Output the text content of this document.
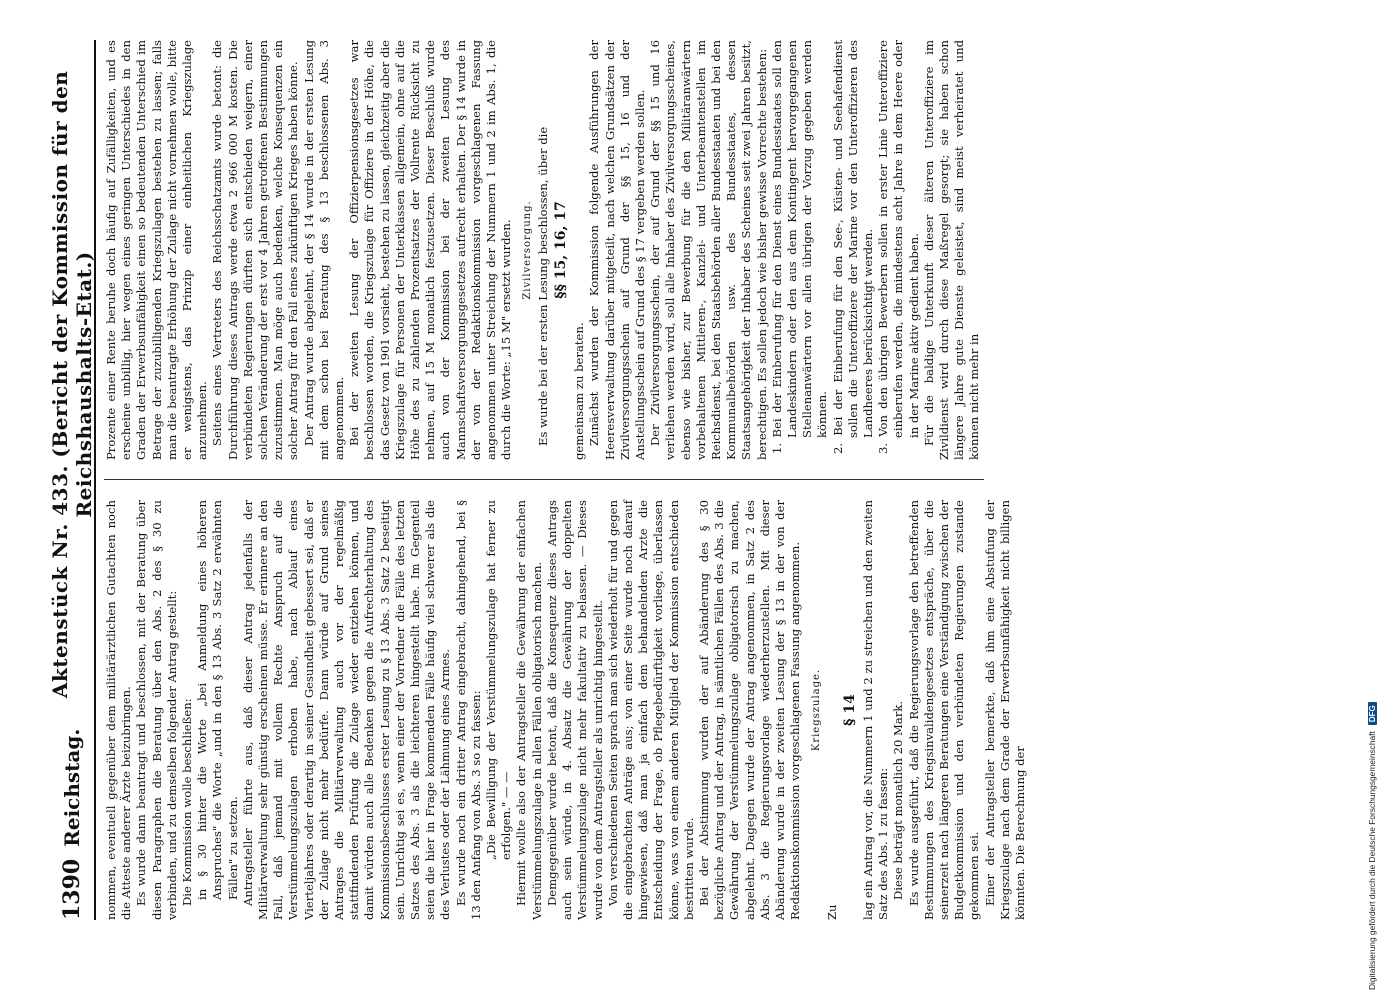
1390
Reichstag.
Aktenstück Nr. 433. (Bericht der Kommission für den Reichshaushalts-Etat.)

nommen, eventuell gegenüber dem militärärztlichen Gutachten noch die Atteste anderer Ärzte beizubringen. Es wurde dann beantragt und beschlossen, mit der Beratung über diesen Paragraphen die Beratung über den Abs. 2 des § 30 zu verbinden, und zu demselben folgender Antrag gestellt: Die Kommission wolle beschließen: in § 30 hinter die Worte „bei Anmeldung eines höheren Anspruches" die Worte „und in den § 13 Abs. 3 Satz 2 erwähnten Fällen" zu setzen. Antragsteller führte aus, daß dieser Antrag jedenfalls der Militärverwaltung sehr günstig erscheinen müsse. Er erinnere an den Fall, daß jemand mit vollem Rechte Anspruch auf die Verstümmelungszulagen erhoben habe, nach Ablauf eines Vierteljahres oder derartig in seiner Gesundheit gebessert sei, daß er der Zulage nicht mehr bedürfe. Dann würde auf Grund seines Antrages die Militärverwaltung auch vor der regelmäßig stattfindenden Prüfung die Zulage wieder entziehen können, und damit würden auch alle Bedenken gegen die Aufrechterhaltung des Kommissionsbeschlusses erster Lesung zu § 13 Abs. 3 Satz 2 beseitigt sein. Unrichtig sei es, wenn einer der Vorredner die Fälle des letzten Satzes des Abs. 3 als die leichteren hingestellt habe. Im Gegenteil seien die hier in Frage kommenden Fälle häufig viel schwerer als die des Verlustes oder der Lähmung eines Armes. Es wurde noch ein dritter Antrag eingebracht, dahingehend, bei § 13 den Anfang von Abs. 3 so zu fassen: „Die Bewilligung der Verstümmelungszulage hat ferner zu erfolgen." — — Hiermit wollte also der Antragsteller die Gewährung der einfachen Verstümmelungszulage in allen Fällen obligatorisch machen. Demgegenüber wurde betont, daß die Konsequenz dieses Antrags auch sein würde, in 4. Absatz die Gewährung der doppelten Verstümmelungszulage nicht mehr fakultativ zu belassen. — Dieses wurde von dem Antragsteller als unrichtig hingestellt. Von verschiedenen Seiten sprach man sich wiederholt für und gegen die eingebrachten Anträge aus; von einer Seite wurde noch darauf hingewiesen, daß man ja einfach dem behandelnden Arzte die Entscheidung der Frage, ob Pflegebedürftigkeit vorliege, überlassen könne, was von einem anderen Mitglied der Kommission entschieden bestritten wurde. Bei der Abstimmung wurden der auf Abänderung des § 30 bezügliche Antrag und der Antrag, in sämtlichen Fällen des Abs. 3 die Gewährung der Verstümmelungszulage obligatorisch zu machen, abgelehnt. Dagegen wurde der Antrag angenommen, in Satz 2 des Abs. 3 die Regierungsvorlage wiederherzustellen. Mit dieser Abänderung wurde in der zweiten Lesung der § 13 in der von der Redaktionskommission vorgeschlagenen Fassung angenommen. Kriegszulage.

Zu

§ 14 lag ein Antrag vor, die Nummern 1 und 2 zu streichen und den zweiten Satz des Abs. 1 zu fassen: Diese beträgt monatlich 20 Mark. Es wurde ausgeführt, daß die Regierungsvorlage den betreffenden Bestimmungen des Kriegsinvalidengesetzes entspräche, über die seinerzeit nach längeren Beratungen eine Verständigung zwischen der Budgetkommission und den verbündeten Regierungen zustande gekommen sei. Einer der Antragsteller bemerkte, daß ihm eine Abstufung der Kriegszulage nach dem Grade der Erwerbsunfähigkeit nicht billigen könnten. Die Berechnung der

Prozente einer Rente beruhe doch häufig auf Zufälligkeiten, und es erscheine unbillig, hier wegen eines geringen Unterschiedes in den Graden der Erwerbsunfähigkeit einen so bedeutenden Unterschied im Betrage der zuzubilligenden Kriegszulagen bestehen zu lassen; falls man die beantragte Erhöhung der Zulage nicht vornehmen wolle, bitte er wenigstens, das Prinzip einer einheitlichen Kriegszulage anzunehmen. Seitens eines Vertreters des Reichsschatzamts wurde betont: die Durchführung dieses Antrags werde etwa 2 966 000 M kosten. Die verbündeten Regierungen dürften sich entschieden weigern, einer solchen Veränderung der erst vor 4 Jahren getroffenen Bestimmungen zuzustimmen. Man möge auch bedenken, welche Konsequenzen ein solcher Antrag für den Fall eines zukünftigen Krieges haben könne. Der Antrag wurde abgelehnt, der § 14 wurde in der ersten Lesung mit dem schon bei Beratung des § 13 beschlossenen Abs. 3 angenommen. Bei der zweiten Lesung der Offizierpensionsgesetzes war beschlossen worden, die Kriegszulage für Offiziere in der Höhe, die das Gesetz von 1901 vorsieht, bestehen zu lassen, gleichzeitig aber die Kriegszulage für Personen der Unterklassen allgemein, ohne auf die Höhe des zu zahlenden Prozentsatzes der Vollrente Rücksicht zu nehmen, auf 15 M monatlich festzusetzen. Dieser Beschluß wurde auch von der Kommission bei der zweiten Lesung des Mannschaftsversorgungsgesetzes aufrecht erhalten. Der § 14 wurde in der von der Redaktionskommission vorgeschlagenen Fassung angenommen unter Streichung der Nummern 1 und 2 im Abs. 1, die durch die Worte: „15 M" ersetzt wurden. Zivilversorgung. Es wurde bei der ersten Lesung beschlossen, über die §§ 15, 16, 17

gemeinsam zu beraten. Zunächst wurden der Kommission folgende Ausführungen der Heeresverwaltung darüber mitgeteilt, nach welchen Grundsätzen der Zivilversorgungsschein auf Grund der §§ 15, 16 und der Anstellungsschein auf Grund des § 17 vergeben werden sollen. Der Zivilversorgungsschein, der auf Grund der §§ 15 und 16 verliehen werden wird, soll alle Inhaber des Zivilversorgungsscheines, ebenso wie bisher, zur Bewerbung für die den Militäranwärtern vorbehaltenen Mittleren-, Kanzlei- und Unterbeamtenstellen im Reichsdienst, bei den Staatsbehörden aller Bundesstaaten und bei den Kommunalbehörden usw. des Bundesstaates, dessen Staatsangehörigkeit der Inhaber des Scheines seit zwei Jahren besitzt, berechtigen. Es sollen jedoch wie bisher gewisse Vorrechte bestehen: 1. Bei der Einberufung für den Dienst eines Bundesstaates soll den Landeskindern oder den aus dem Kontingent hervorgegangenen Stellenanwärtern vor allen übrigen der Vorzug gegeben werden können. 2. Bei der Einberufung für den See-, Küsten- und Seehafendienst sollen die Unteroffiziere der Marine vor den Unteroffizieren des Landheeres berücksichtigt werden. 3. Von den übrigen Bewerbern sollen in erster Linie Unteroffiziere einberufen werden, die mindestens acht Jahre in dem Heere oder in der Marine aktiv gedient haben. Für die baldige Unterkunft dieser älteren Unteroffiziere im Zivildienst wird durch diese Maßregel gesorgt; sie haben schon längere Jahre gute Dienste geleistet, sind meist verheiratet und können nicht mehr in

Digitalisierung gefördert durch die Deutsche Forschungsgemeinschaft
DFG
